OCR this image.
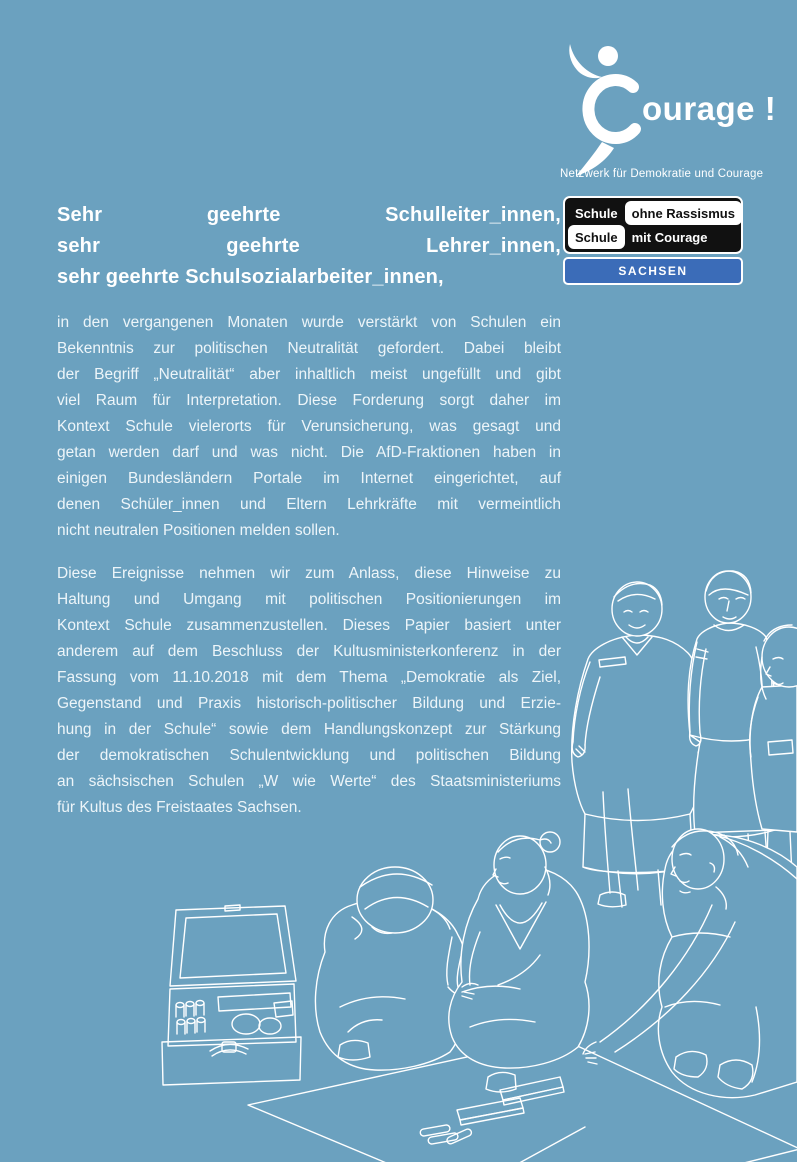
ourage !
Netzwerk für Demokratie und Courage
Schule	ohne Rassismus
Schule	mit Courage
SACHSEN
Sehr geehrte Schulleiter_innen,
sehr geehrte Lehrer_innen,
sehr geehrte Schulsozialarbeiter_innen,
in den vergangenen Monaten wurde verstärkt von Schulen ein
Bekenntnis zur politischen Neutralität gefordert. Dabei bleibt
der Begriff „Neutralität“ aber inhaltlich meist ungefüllt und gibt
viel Raum für Interpretation. Diese Forderung sorgt daher im
Kontext Schule vielerorts für Verunsicherung, was gesagt und
getan werden darf und was nicht. Die AfD-Fraktionen haben in
einigen Bundesländern Portale im Internet eingerichtet, auf
denen Schüler_innen und Eltern Lehrkräfte mit vermeintlich
nicht neutralen Positionen melden sollen.
Diese Ereignisse nehmen wir zum Anlass, diese Hinweise zu
Haltung und Umgang mit politischen Positionierungen im
Kontext Schule zusammenzustellen. Dieses Papier basiert unter
anderem auf dem Beschluss der Kultusministerkonferenz in der
Fassung vom 11.10.2018 mit dem Thema „Demokratie als Ziel,
Gegenstand und Praxis historisch-politischer Bildung und Erzie-
hung in der Schule“ sowie dem Handlungskonzept zur Stärkung
der demokratischen Schulentwicklung und politischen Bildung
an sächsischen Schulen „W wie Werte“ des Staatsministeriums
für Kultus des Freistaates Sachsen.
